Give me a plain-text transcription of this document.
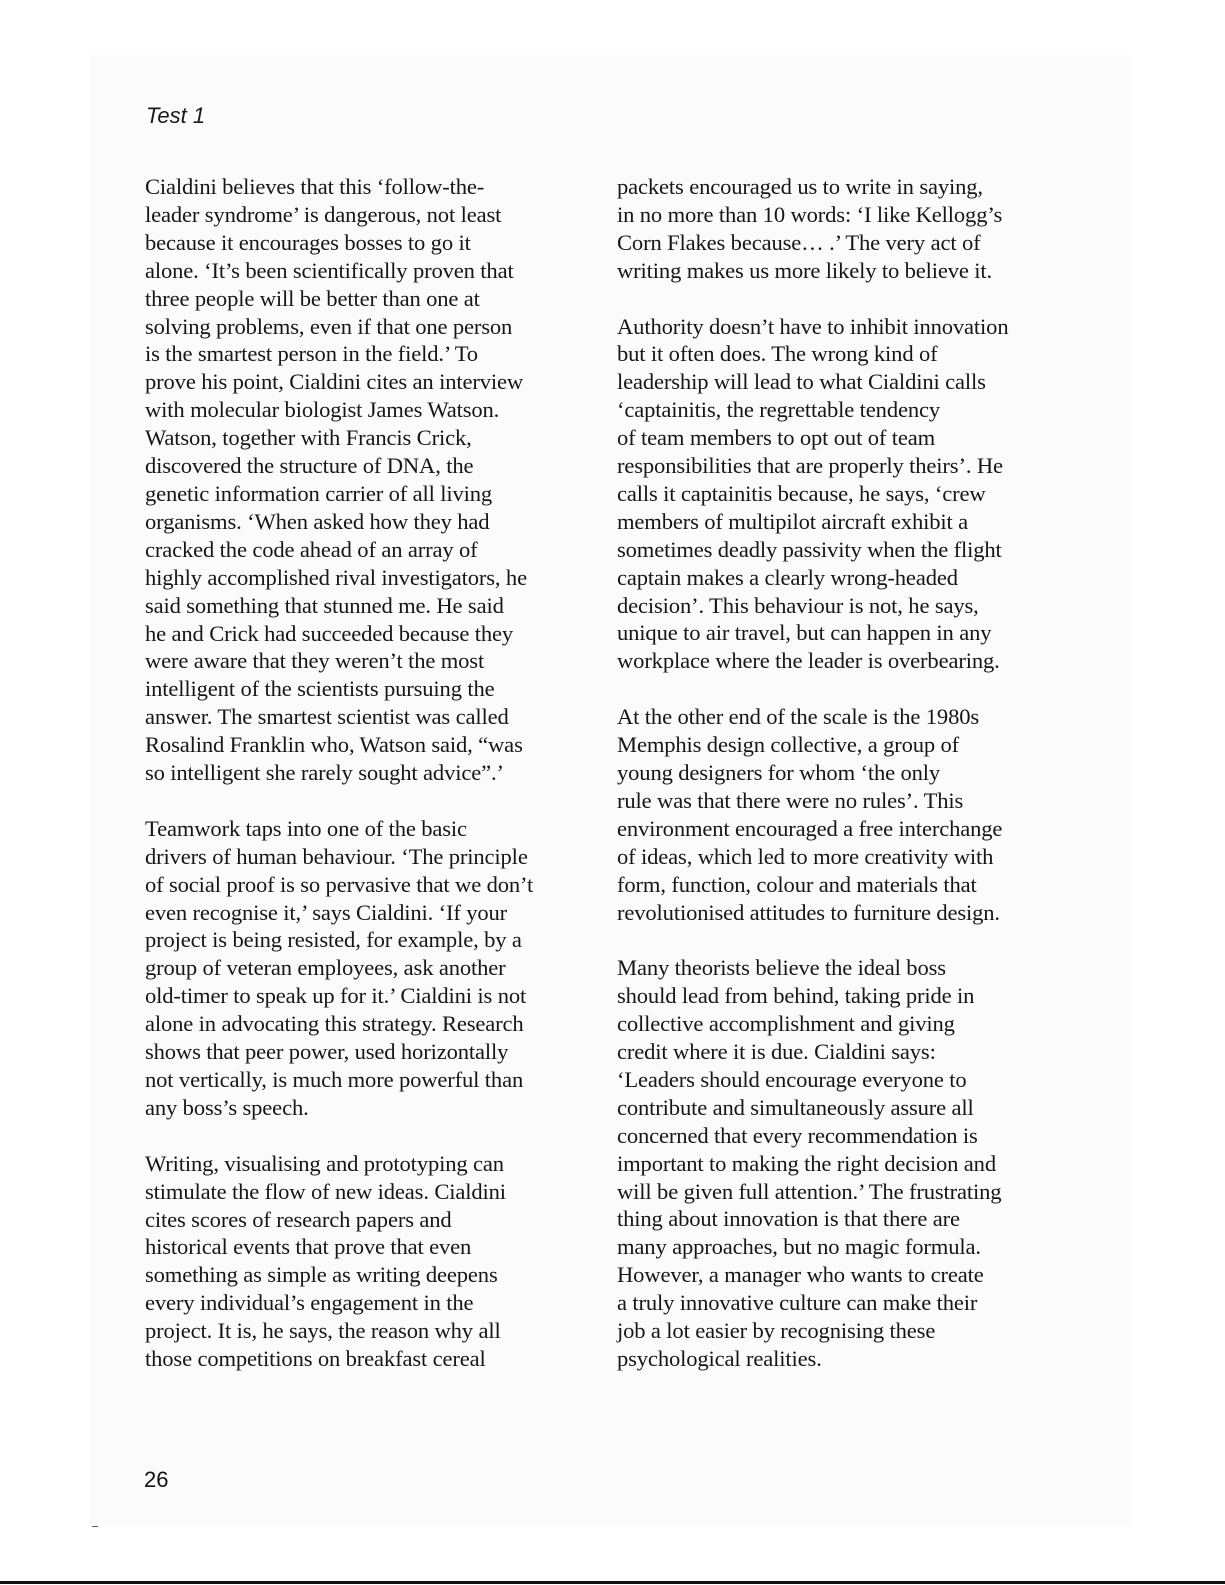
Test 1

Cialdini believes that this ‘follow-the-
leader syndrome’ is dangerous, not least
because it encourages bosses to go it
alone. ‘It’s been scientifically proven that
three people will be better than one at
solving problems, even if that one person
is the smartest person in the field.’ To
prove his point, Cialdini cites an interview
with molecular biologist James Watson.
Watson, together with Francis Crick,
discovered the structure of DNA, the
genetic information carrier of all living
organisms. ‘When asked how they had
cracked the code ahead of an array of
highly accomplished rival investigators, he
said something that stunned me. He said
he and Crick had succeeded because they
were aware that they weren’t the most
intelligent of the scientists pursuing the
answer. The smartest scientist was called
Rosalind Franklin who, Watson said, “was
so intelligent she rarely sought advice”.’

Teamwork taps into one of the basic
drivers of human behaviour. ‘The principle
of social proof is so pervasive that we don’t
even recognise it,’ says Cialdini. ‘If your
project is being resisted, for example, by a
group of veteran employees, ask another
old-timer to speak up for it.’ Cialdini is not
alone in advocating this strategy. Research
shows that peer power, used horizontally
not vertically, is much more powerful than
any boss’s speech.

Writing, visualising and prototyping can
stimulate the flow of new ideas. Cialdini
cites scores of research papers and
historical events that prove that even
something as simple as writing deepens
every individual’s engagement in the
project. It is, he says, the reason why all
those competitions on breakfast cereal

packets encouraged us to write in saying,
in no more than 10 words: ‘I like Kellogg’s
Corn Flakes because… .’ The very act of
writing makes us more likely to believe it.

Authority doesn’t have to inhibit innovation
but it often does. The wrong kind of
leadership will lead to what Cialdini calls
‘captainitis, the regrettable tendency
of team members to opt out of team
responsibilities that are properly theirs’. He
calls it captainitis because, he says, ‘crew
members of multipilot aircraft exhibit a
sometimes deadly passivity when the flight
captain makes a clearly wrong-headed
decision’. This behaviour is not, he says,
unique to air travel, but can happen in any
workplace where the leader is overbearing.

At the other end of the scale is the 1980s
Memphis design collective, a group of
young designers for whom ‘the only
rule was that there were no rules’. This
environment encouraged a free interchange
of ideas, which led to more creativity with
form, function, colour and materials that
revolutionised attitudes to furniture design.

Many theorists believe the ideal boss
should lead from behind, taking pride in
collective accomplishment and giving
credit where it is due. Cialdini says:
‘Leaders should encourage everyone to
contribute and simultaneously assure all
concerned that every recommendation is
important to making the right decision and
will be given full attention.’ The frustrating
thing about innovation is that there are
many approaches, but no magic formula.
However, a manager who wants to create
a truly innovative culture can make their
job a lot easier by recognising these
psychological realities.

26
